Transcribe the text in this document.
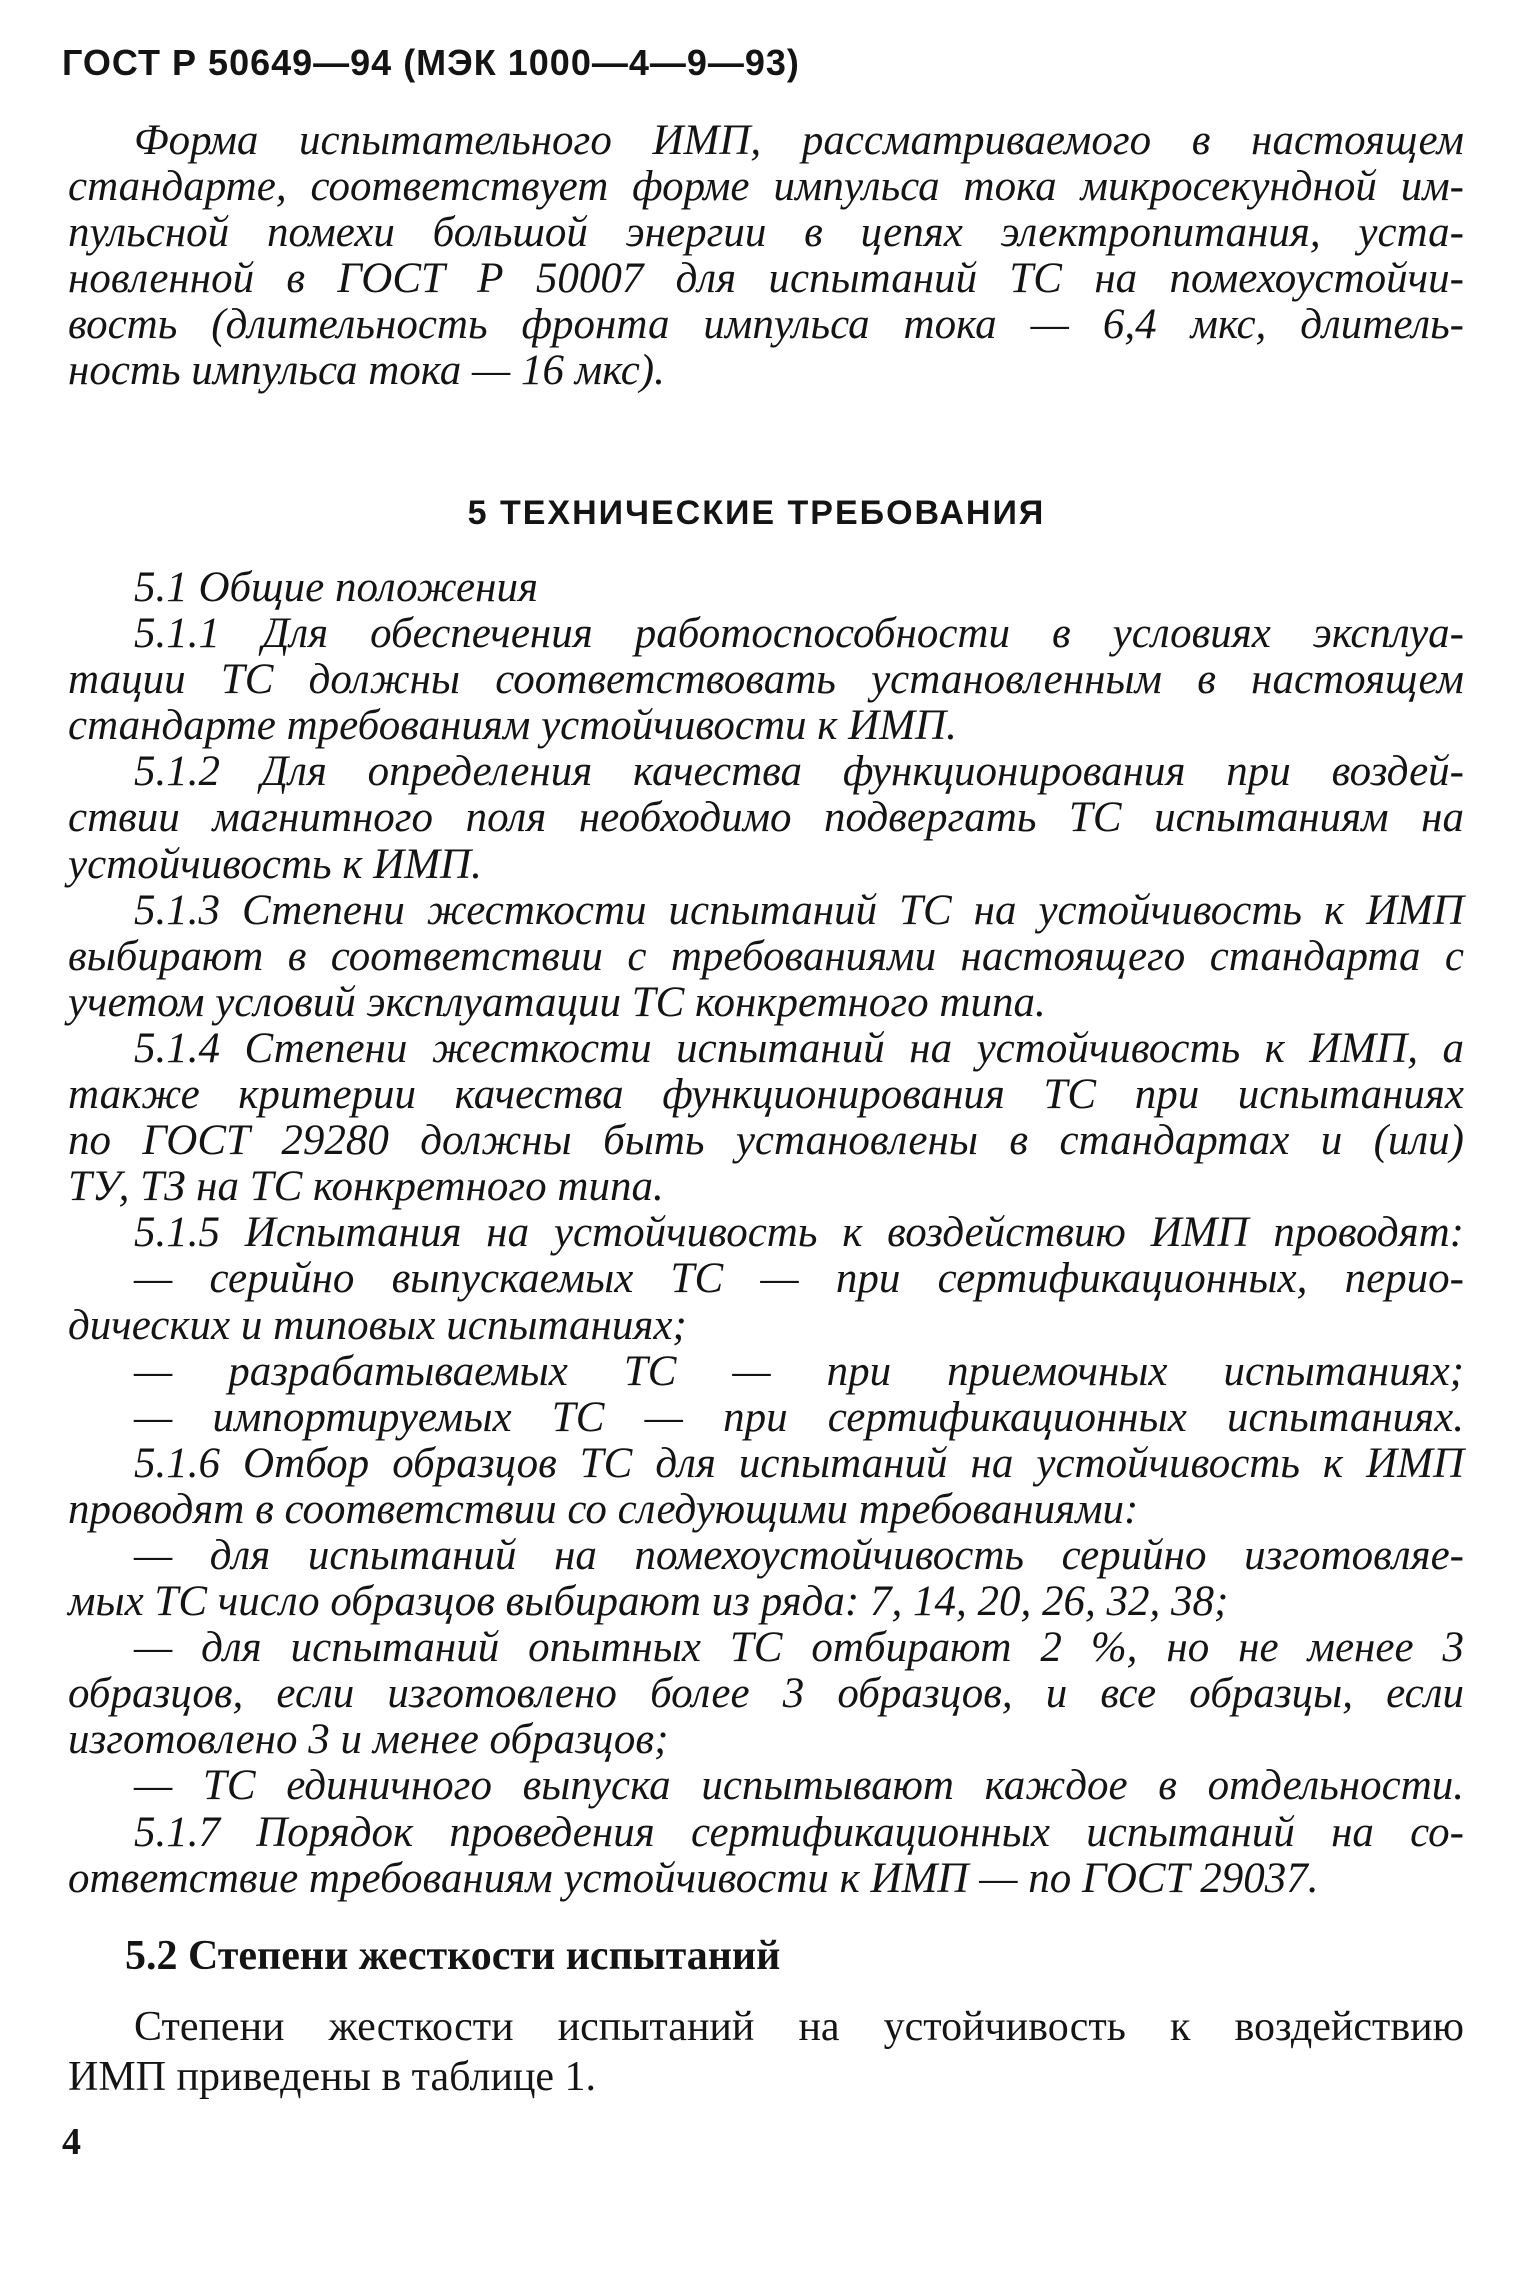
ГОСТ Р 50649—94 (МЭК 1000—4—9—93)
Форма испытательного ИМП, рассматриваемого в настоящем
стандарте, соответствует форме импульса тока микросекундной им-
пульсной помехи большой энергии в цепях электропитания, уста-
новленной в ГОСТ Р 50007 для испытаний ТС на помехоустойчи-
вость (длительность фронта импульса тока — 6,4 мкс, длитель-
ность импульса тока — 16 мкс).
5 ТЕХНИЧЕСКИЕ ТРЕБОВАНИЯ
5.1 Общие положения
5.1.1 Для обеспечения работоспособности в условиях эксплуа-
тации ТС должны соответствовать установленным в настоящем
стандарте требованиям устойчивости к ИМП.
5.1.2 Для определения качества функционирования при воздей-
ствии магнитного поля необходимо подвергать ТС испытаниям на
устойчивость к ИМП.
5.1.3 Степени жесткости испытаний ТС на устойчивость к ИМП
выбирают в соответствии с требованиями настоящего стандарта с
учетом условий эксплуатации ТС конкретного типа.
5.1.4 Степени жесткости испытаний на устойчивость к ИМП, а
также критерии качества функционирования ТС при испытаниях
по ГОСТ 29280 должны быть установлены в стандартах и (или)
ТУ, ТЗ на ТС конкретного типа.
5.1.5 Испытания на устойчивость к воздействию ИМП проводят:
— серийно выпускаемых ТС — при сертификационных, перио-
дических и типовых испытаниях;
— разрабатываемых ТС — при приемочных испытаниях;
— импортируемых ТС — при сертификационных испытаниях.
5.1.6 Отбор образцов ТС для испытаний на устойчивость к ИМП
проводят в соответствии со следующими требованиями:
— для испытаний на помехоустойчивость серийно изготовляе-
мых ТС число образцов выбирают из ряда: 7, 14, 20, 26, 32, 38;
— для испытаний опытных ТС отбирают 2 %, но не менее 3
образцов, если изготовлено более 3 образцов, и все образцы, если
изготовлено 3 и менее образцов;
— ТС единичного выпуска испытывают каждое в отдельности.
5.1.7 Порядок проведения сертификационных испытаний на со-
ответствие требованиям устойчивости к ИМП — по ГОСТ 29037.
5.2 Степени жесткости испытаний
Степени жесткости испытаний на устойчивость к воздействию
ИМП приведены в таблице 1.
4
